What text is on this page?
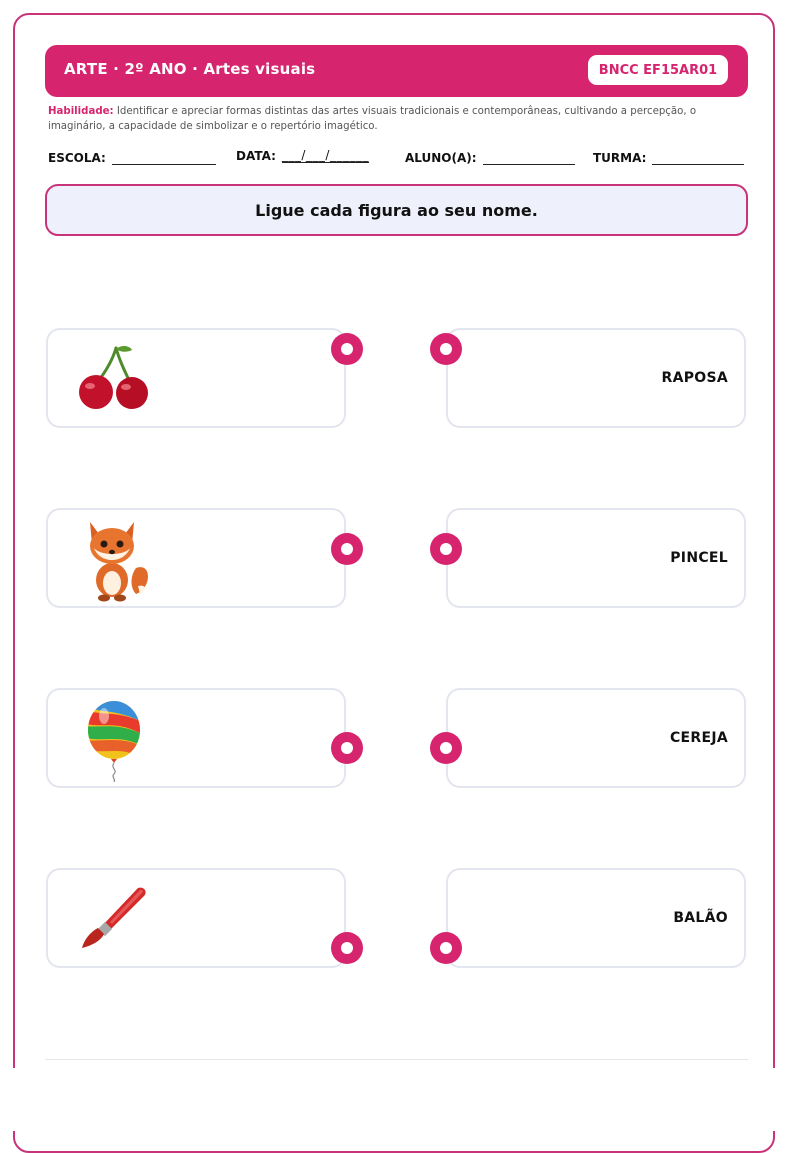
ARTE · 2º ANO · Artes visuais	BNCC EF15AR01
Habilidade: Identificar e apreciar formas distintas das artes visuais tradicionais e contemporâneas, cultivando a percepção, o imaginário, a capacidade de simbolizar e o repertório imagético.
ESCOLA:	DATA: ___/___/______	ALUNO(A):	TURMA:
Ligue cada figura ao seu nome.
RAPOSA
PINCEL
CEREJA
BALÃO
